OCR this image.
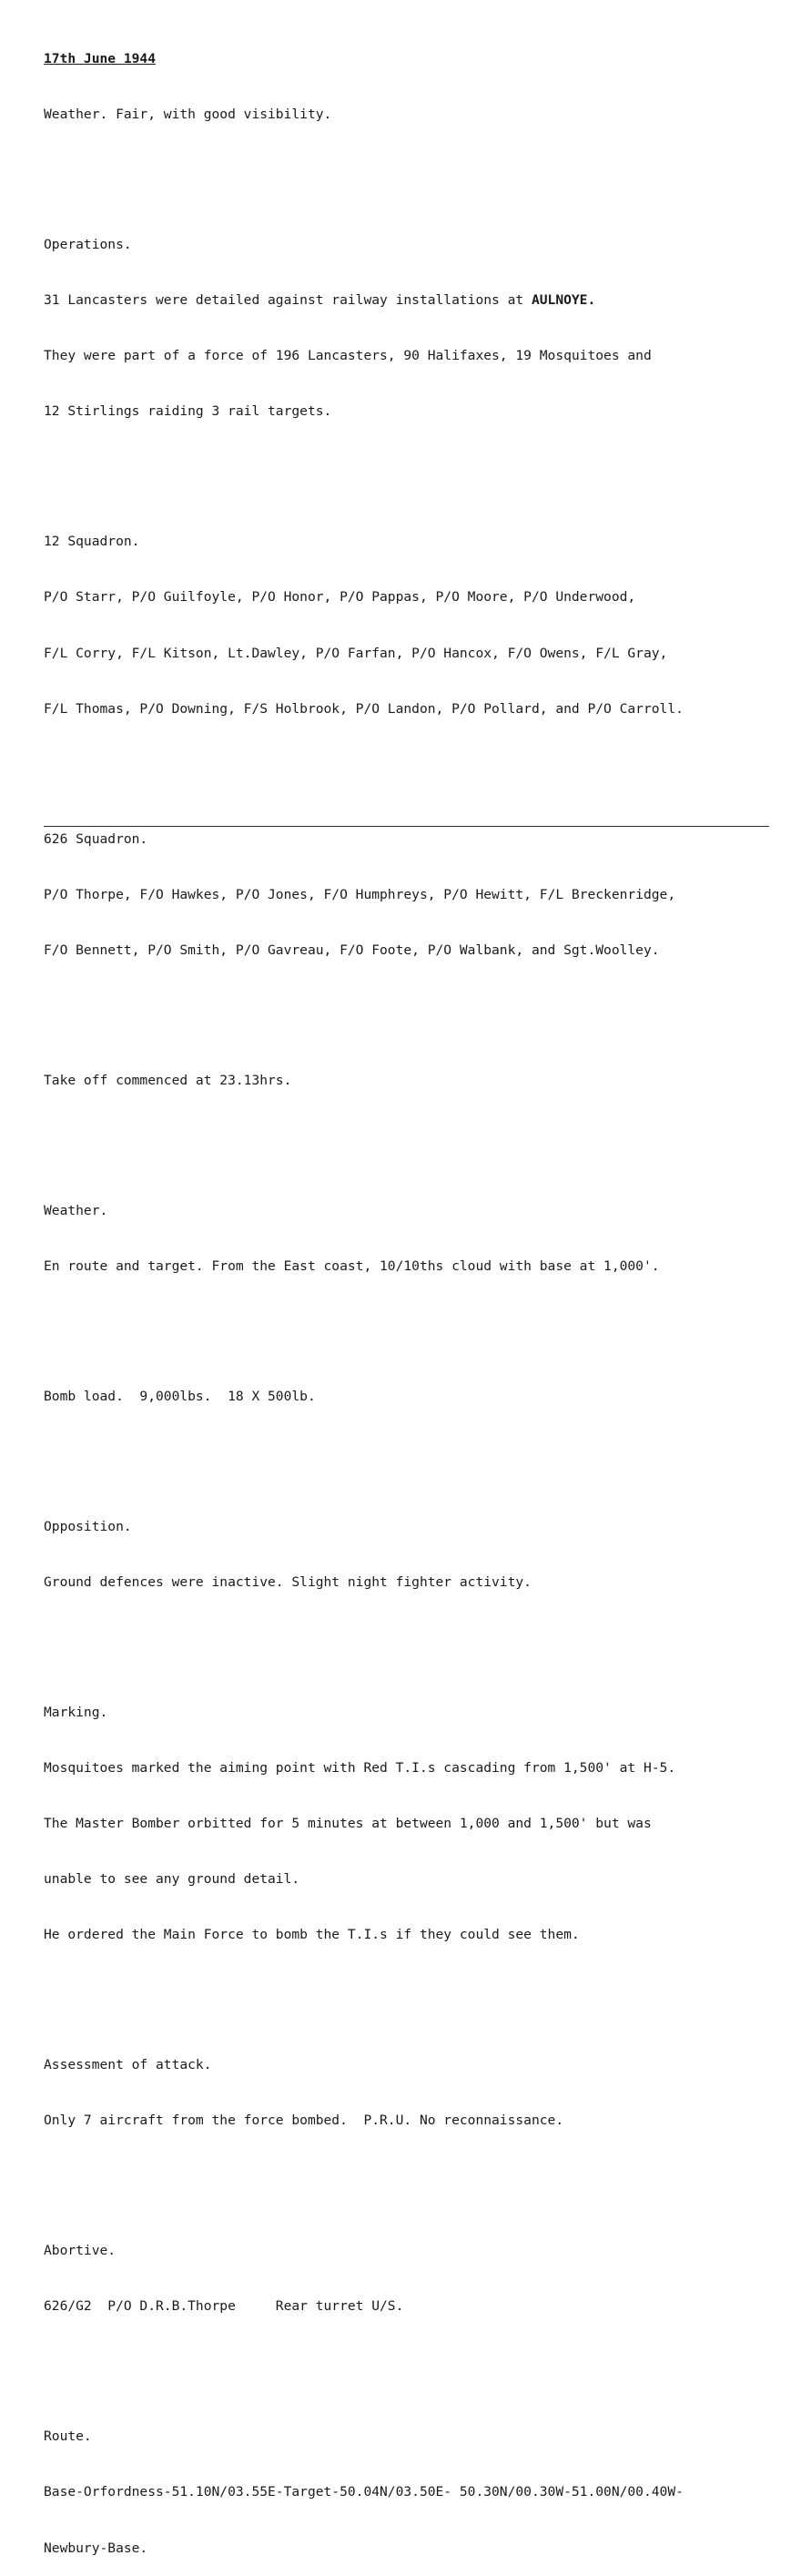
17th June 1944

Weather. Fair, with good visibility.

Operations.

31 Lancasters were detailed against railway installations at AULNOYE.

They were part of a force of 196 Lancasters, 90 Halifaxes, 19 Mosquitoes and

12 Stirlings raiding 3 rail targets.

12 Squadron.

P/O Starr, P/O Guilfoyle, P/O Honor, P/O Pappas, P/O Moore, P/O Underwood,

F/L Corry, F/L Kitson, Lt.Dawley, P/O Farfan, P/O Hancox, F/O Owens, F/L Gray,

F/L Thomas, P/O Downing, F/S Holbrook, P/O Landon, P/O Pollard, and P/O Carroll.

626 Squadron.

P/O Thorpe, F/O Hawkes, P/O Jones, F/O Humphreys, P/O Hewitt, F/L Breckenridge,

F/O Bennett, P/O Smith, P/O Gavreau, F/O Foote, P/O Walbank, and Sgt.Woolley.

Take off commenced at 23.13hrs.

Weather.

En route and target. From the East coast, 10/10ths cloud with base at 1,000'.

Bomb load.  9,000lbs.  18 X 500lb.

Opposition.

Ground defences were inactive. Slight night fighter activity.

Marking.

Mosquitoes marked the aiming point with Red T.I.s cascading from 1,500' at H-5.

The Master Bomber orbitted for 5 minutes at between 1,000 and 1,500' but was

unable to see any ground detail.

He ordered the Main Force to bomb the T.I.s if they could see them.

Assessment of attack.

Only 7 aircraft from the force bombed.  P.R.U. No reconnaissance.

Abortive.

626/G2  P/O D.R.B.Thorpe     Rear turret U/S.

Route.

Base-Orfordness-51.10N/03.55E-Target-50.04N/03.50E- 50.30N/00.30W-51.00N/00.40W-

Newbury-Base.
